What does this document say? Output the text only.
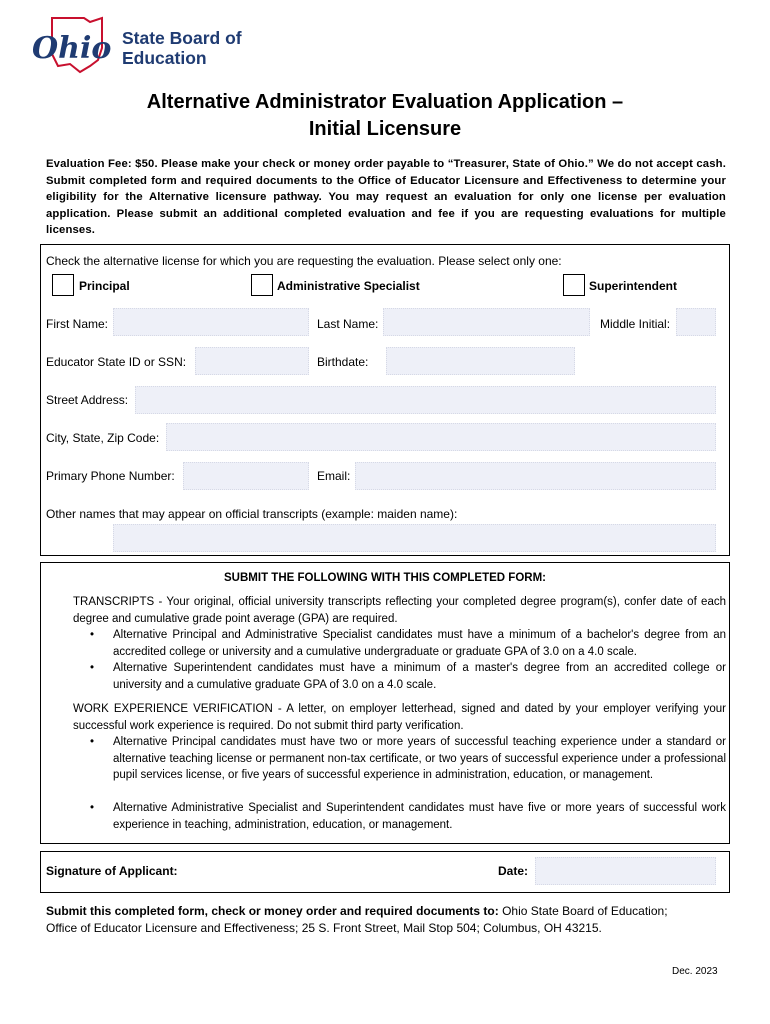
Ohio State Board of
Education
Alternative Administrator Evaluation Application –
Initial Licensure
Evaluation Fee: $50. Please make your check or money order payable to “Treasurer, State of Ohio.” We do not accept cash. Submit completed form and required documents to the Office of Educator Licensure and Effectiveness to determine your eligibility for the Alternative licensure pathway. You may request an evaluation for only one license per evaluation application. Please submit an additional completed evaluation and fee if you are requesting evaluations for multiple licenses.
Check the alternative license for which you are requesting the evaluation. Please select only one:
Principal	Administrative Specialist	Superintendent
First Name:	Last Name:	Middle Initial:
Educator State ID or SSN:	Birthdate:
Street Address:
City, State, Zip Code:
Primary Phone Number:	Email:
Other names that may appear on official transcripts (example: maiden name):
SUBMIT THE FOLLOWING WITH THIS COMPLETED FORM:
TRANSCRIPTS - Your original, official university transcripts reflecting your completed degree program(s), confer date of each degree and cumulative grade point average (GPA) are required.
• Alternative Principal and Administrative Specialist candidates must have a minimum of a bachelor's degree from an accredited college or university and a cumulative undergraduate or graduate GPA of 3.0 on a 4.0 scale.
• Alternative Superintendent candidates must have a minimum of a master's degree from an accredited college or university and a cumulative graduate GPA of 3.0 on a 4.0 scale.
WORK EXPERIENCE VERIFICATION - A letter, on employer letterhead, signed and dated by your employer verifying your successful work experience is required. Do not submit third party verification.
• Alternative Principal candidates must have two or more years of successful teaching experience under a standard or alternative teaching license or permanent non-tax certificate, or two years of successful experience under a professional pupil services license, or five years of successful experience in administration, education, or management.
• Alternative Administrative Specialist and Superintendent candidates must have five or more years of successful work experience in teaching, administration, education, or management.
Signature of Applicant:	Date:
Submit this completed form, check or money order and required documents to: Ohio State Board of Education;
Office of Educator Licensure and Effectiveness; 25 S. Front Street, Mail Stop 504; Columbus, OH 43215.
Dec. 2023
